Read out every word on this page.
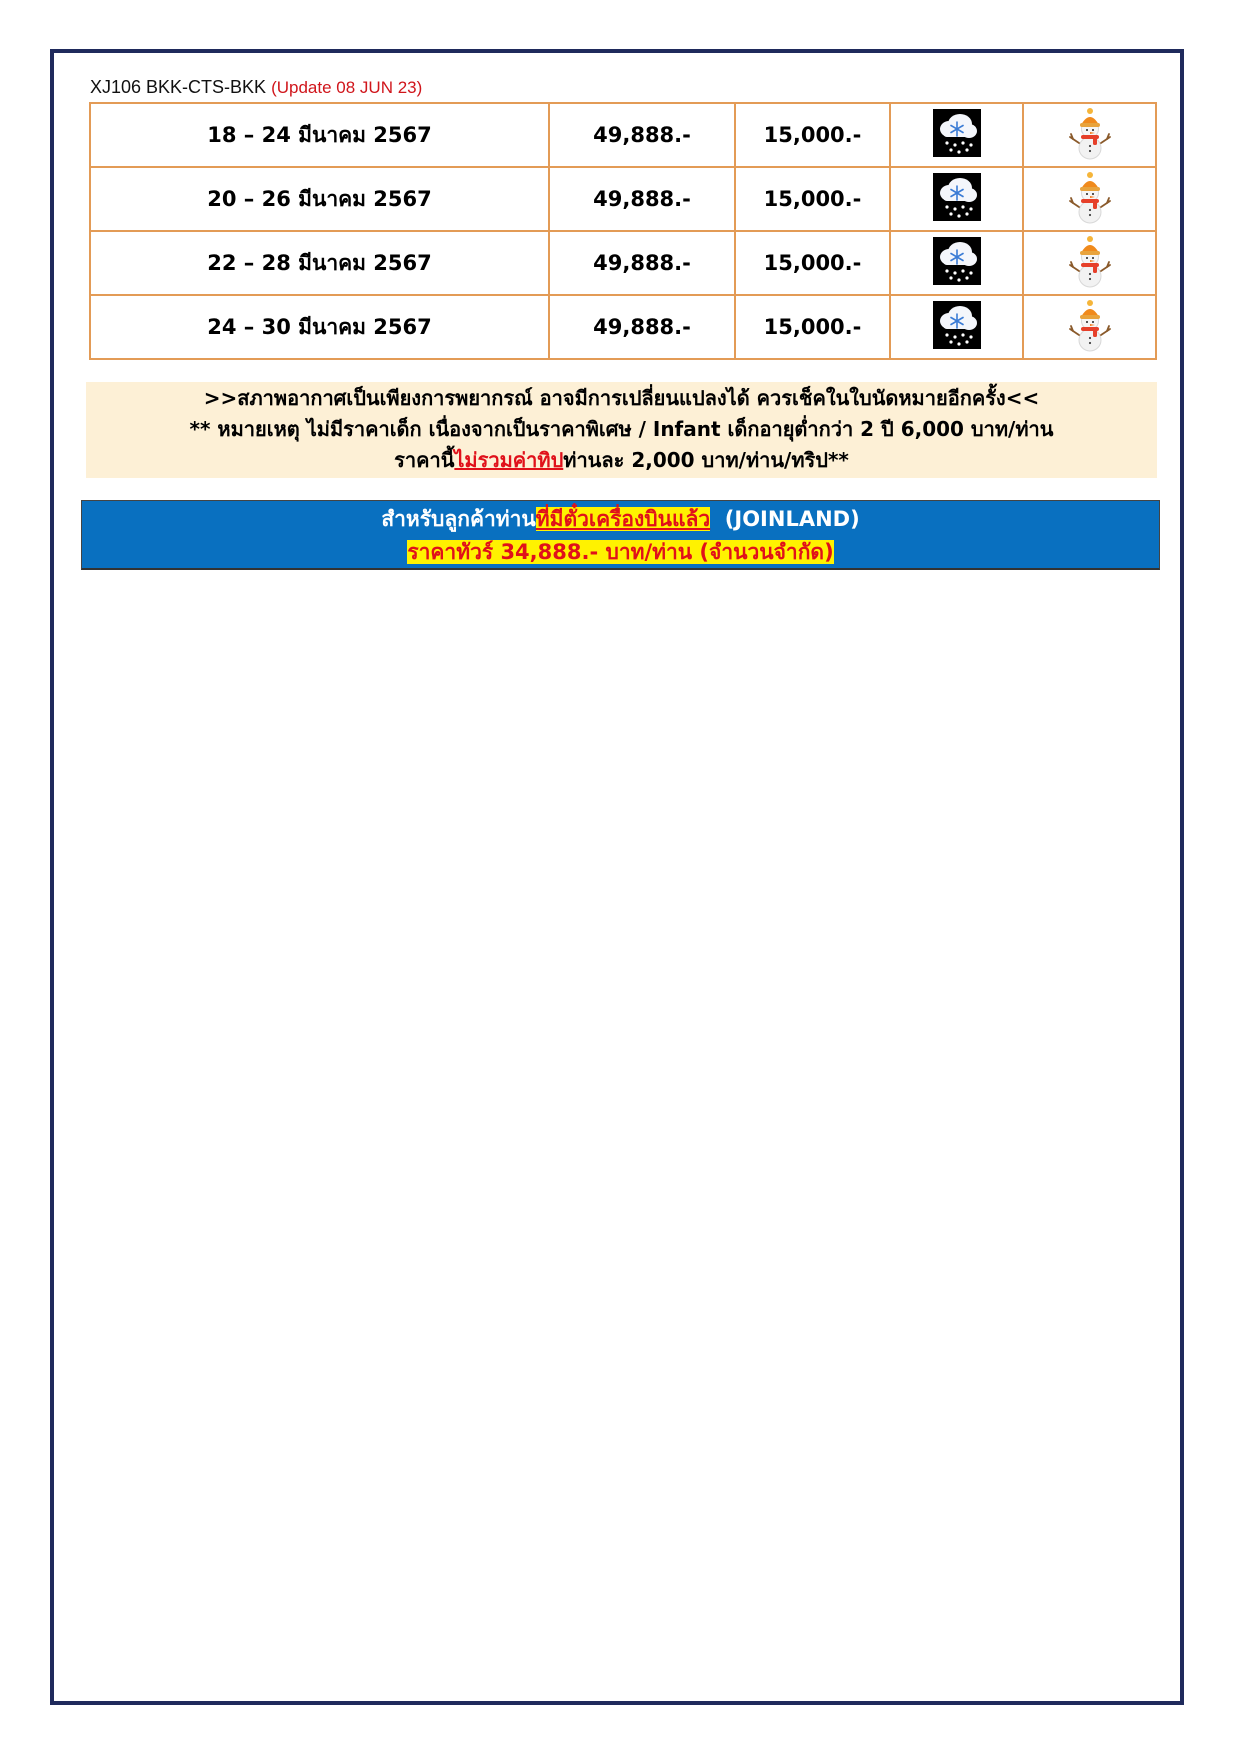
XJ106 BKK-CTS-BKK (Update 08 JUN 23)
18 – 24 มีนาคม 2567	49,888.-	15,000.-		
20 – 26 มีนาคม 2567	49,888.-	15,000.-		
22 – 28 มีนาคม 2567	49,888.-	15,000.-		
24 – 30 มีนาคม 2567	49,888.-	15,000.-		
>>สภาพอากาศเป็นเพียงการพยากรณ์ อาจมีการเปลี่ยนแปลงได้ ควรเช็คในใบนัดหมายอีกครั้ง<<
** หมายเหตุ ไม่มีราคาเด็ก เนื่องจากเป็นราคาพิเศษ / Infant เด็กอายุต่ำกว่า 2 ปี 6,000 บาท/ท่าน
ราคานี้ไม่รวมค่าทิปท่านละ 2,000 บาท/ท่าน/ทริป**
สำหรับลูกค้าท่านที่มีตั๋วเครื่องบินแล้ว  (JOINLAND)
ราคาทัวร์ 34,888.- บาท/ท่าน (จำนวนจำกัด)
